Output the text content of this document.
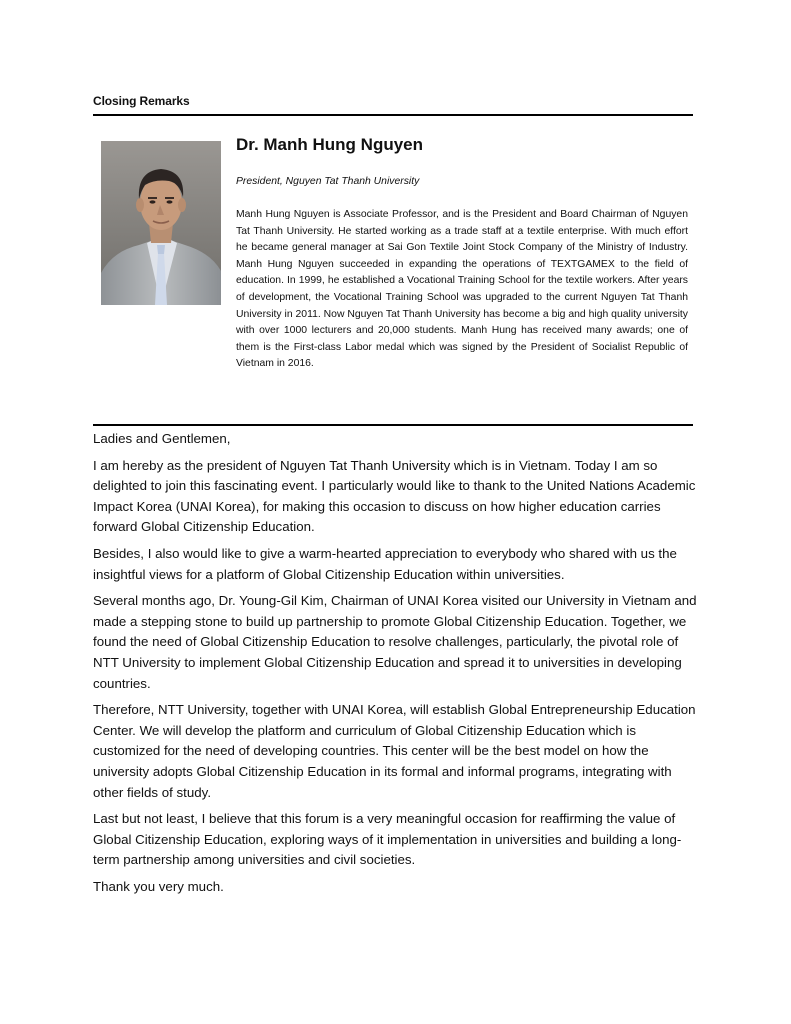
Closing Remarks
Dr. Manh Hung Nguyen
President, Nguyen Tat Thanh University

Manh Hung Nguyen is Associate Professor, and is the President and Board Chairman of Nguyen Tat Thanh University. He started working as a trade staff at a textile enterprise. With much effort he became general manager at Sai Gon Textile Joint Stock Company of the Ministry of Industry. Manh Hung Nguyen succeeded in expanding the operations of TEXTGAMEX to the field of education. In 1999, he established a Vocational Training School for the textile workers. After years of development, the Vocational Training School was upgraded to the current Nguyen Tat Thanh University in 2011. Now Nguyen Tat Thanh University has become a big and high quality university with over 1000 lecturers and 20,000 students. Manh Hung has received many awards; one of them is the First-class Labor medal which was signed by the President of Socialist Republic of Vietnam in 2016.

Ladies and Gentlemen,

I am hereby as the president of Nguyen Tat Thanh University which is in Vietnam. Today I am so delighted to join this fascinating event. I particularly would like to thank to the United Nations Academic Impact Korea (UNAI Korea), for making this occasion to discuss on how higher education carries forward Global Citizenship Education.

Besides, I also would like to give a warm-hearted appreciation to everybody who shared with us the insightful views for a platform of Global Citizenship Education within universities.

Several months ago, Dr. Young-Gil Kim, Chairman of UNAI Korea visited our University in Vietnam and made a stepping stone to build up partnership to promote Global Citizenship Education. Together, we found the need of Global Citizenship Education to resolve challenges, particularly, the pivotal role of NTT University to implement Global Citizenship Education and spread it to universities in developing countries.

Therefore, NTT University, together with UNAI Korea, will establish Global Entrepreneurship Education Center. We will develop the platform and curriculum of Global Citizenship Education which is customized for the need of developing countries. This center will be the best model on how the university adopts Global Citizenship Education in its formal and informal programs, integrating with other fields of study.

Last but not least, I believe that this forum is a very meaningful occasion for reaffirming the value of Global Citizenship Education, exploring ways of it implementation in universities and building a long-term partnership among universities and civil societies.

Thank you very much.
